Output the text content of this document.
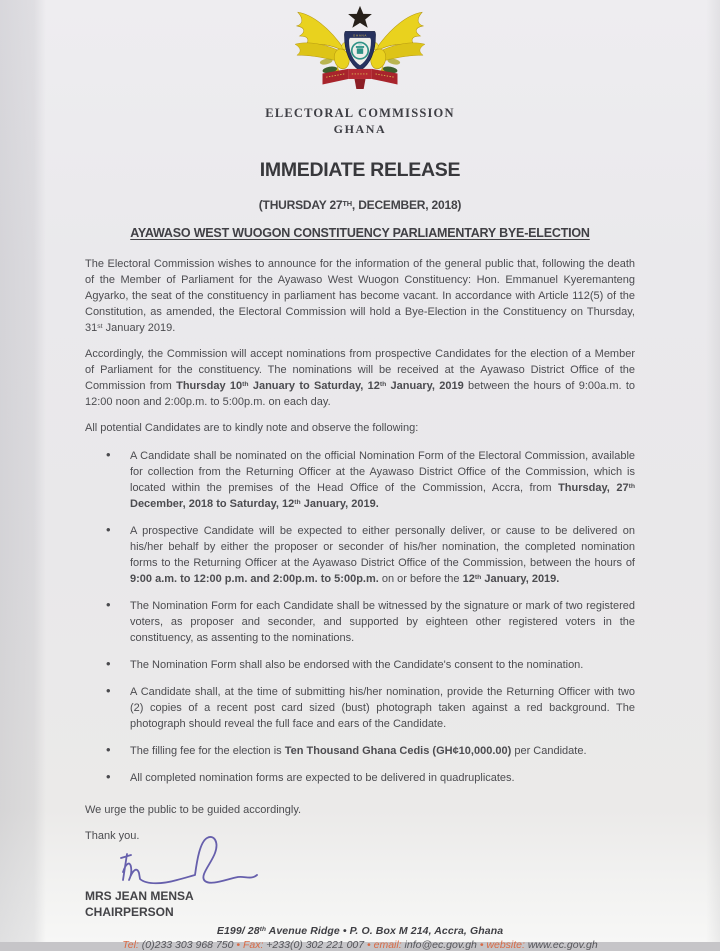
GHANA
ELECTORAL COMMISSION
GHANA
IMMEDIATE RELEASE
(THURSDAY 27TH, DECEMBER, 2018)
AYAWASO WEST WUOGON CONSTITUENCY PARLIAMENTARY BYE-ELECTION

The Electoral Commission wishes to announce for the information of the general public that, following the death of the Member of Parliament for the Ayawaso West Wuogon Constituency: Hon. Emmanuel Kyeremanteng Agyarko, the seat of the constituency in parliament has become vacant. In accordance with Article 112(5) of the Constitution, as amended, the Electoral Commission will hold a Bye-Election in the Constituency on Thursday, 31st January 2019.

Accordingly, the Commission will accept nominations from prospective Candidates for the election of a Member of Parliament for the constituency. The nominations will be received at the Ayawaso District Office of the Commission from Thursday 10th January to Saturday, 12th January, 2019 between the hours of 9:00a.m. to 12:00 noon and 2:00p.m. to 5:00p.m. on each day.

All potential Candidates are to kindly note and observe the following:

• A Candidate shall be nominated on the official Nomination Form of the Electoral Commission, available for collection from the Returning Officer at the Ayawaso District Office of the Commission, which is located within the premises of the Head Office of the Commission, Accra, from Thursday, 27th December, 2018 to Saturday, 12th January, 2019.
• A prospective Candidate will be expected to either personally deliver, or cause to be delivered on his/her behalf by either the proposer or seconder of his/her nomination, the completed nomination forms to the Returning Officer at the Ayawaso District Office of the Commission, between the hours of 9:00 a.m. to 12:00 p.m. and 2:00p.m. to 5:00p.m. on or before the 12th January, 2019.
• The Nomination Form for each Candidate shall be witnessed by the signature or mark of two registered voters, as proposer and seconder, and supported by eighteen other registered voters in the constituency, as assenting to the nominations.
• The Nomination Form shall also be endorsed with the Candidate's consent to the nomination.
• A Candidate shall, at the time of submitting his/her nomination, provide the Returning Officer with two (2) copies of a recent post card sized (bust) photograph taken against a red background. The photograph should reveal the full face and ears of the Candidate.
• The filling fee for the election is Ten Thousand Ghana Cedis (GH¢10,000.00) per Candidate.
• All completed nomination forms are expected to be delivered in quadruplicates.

We urge the public to be guided accordingly.

Thank you.

MRS JEAN MENSA
CHAIRPERSON
E199/ 28th Avenue Ridge • P. O. Box M 214, Accra, Ghana
Tel: (0)233 303 968 750 • Fax: +233(0) 302 221 007 • email: info@ec.gov.gh • website: www.ec.gov.gh
